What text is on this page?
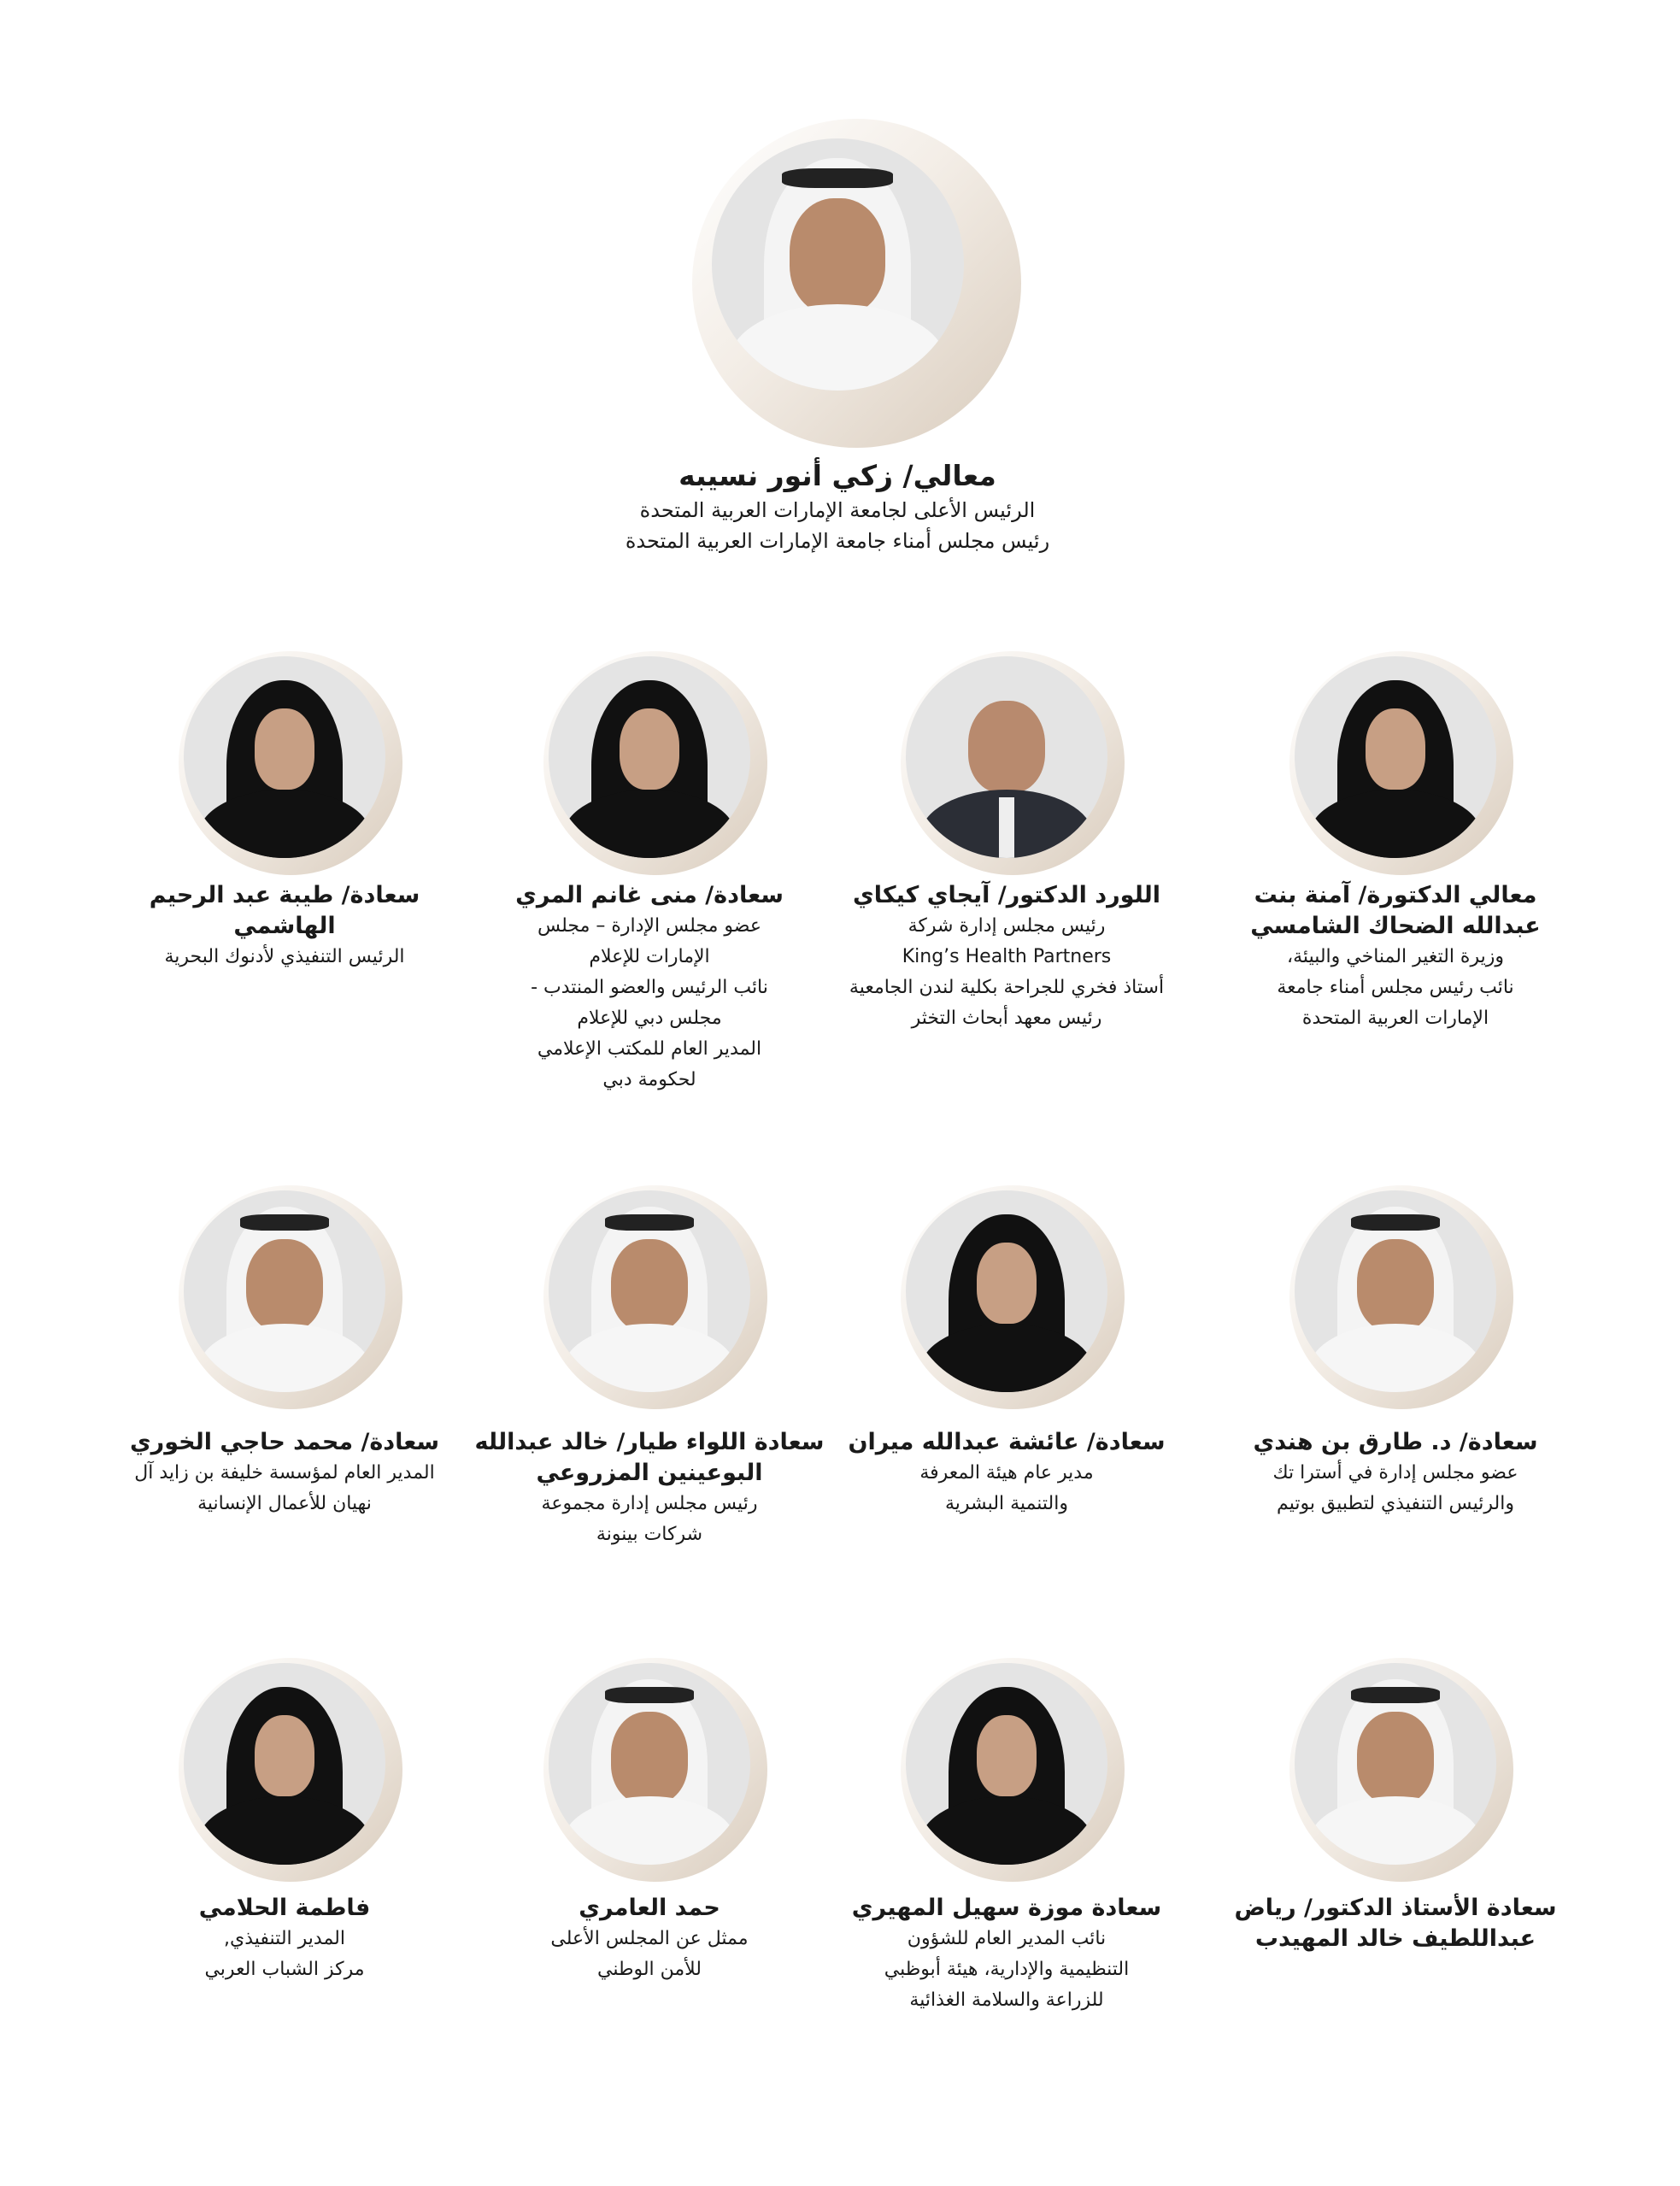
معالي/ زكي أنور نسيبه
الرئيس الأعلى لجامعة الإمارات العربية المتحدة
رئيس مجلس أمناء جامعة الإمارات العربية المتحدة
معالي الدكتورة/ آمنة بنت عبدالله الضحاك الشامسي
وزيرة التغير المناخي والبيئة،
نائب رئيس مجلس أمناء جامعة
الإمارات العربية المتحدة
اللورد الدكتور/ آيجاي كيكاي
رئيس مجلس إدارة شركة
King’s Health Partners
أستاذ فخري للجراحة بكلية لندن الجامعية
رئيس معهد أبحاث التخثر
سعادة/ منى غانم المري
عضو مجلس الإدارة – مجلس
الإمارات للإعلام
نائب الرئيس والعضو المنتدب -
مجلس دبي للإعلام
المدير العام للمكتب الإعلامي
لحكومة دبي
سعادة/ طيبة عبد الرحيم الهاشمي
الرئيس التنفيذي لأدنوك البحرية
سعادة/ د. طارق بن هندي
عضو مجلس إدارة في أسترا تك
والرئيس التنفيذي لتطبيق بوتيم
سعادة/ عائشة عبدالله ميران
مدير عام هيئة المعرفة
والتنمية البشرية
سعادة اللواء طيار/ خالد عبدالله البوعينين المزروعي
رئيس مجلس إدارة مجموعة
شركات بينونة
سعادة/ محمد حاجي الخوري
المدير العام لمؤسسة خليفة بن زايد آل
نهيان للأعمال الإنسانية
سعادة الأستاذ الدكتور/ رياض عبداللطيف خالد المهيدب
سعادة موزة سهيل المهيري
نائب المدير العام للشؤون
التنظيمية والإدارية، هيئة أبوظبي
للزراعة والسلامة الغذائية
حمد العامري
ممثل عن المجلس الأعلى
للأمن الوطني
فاطمة الحلامي
المدير التنفيذي,
مركز الشباب العربي
